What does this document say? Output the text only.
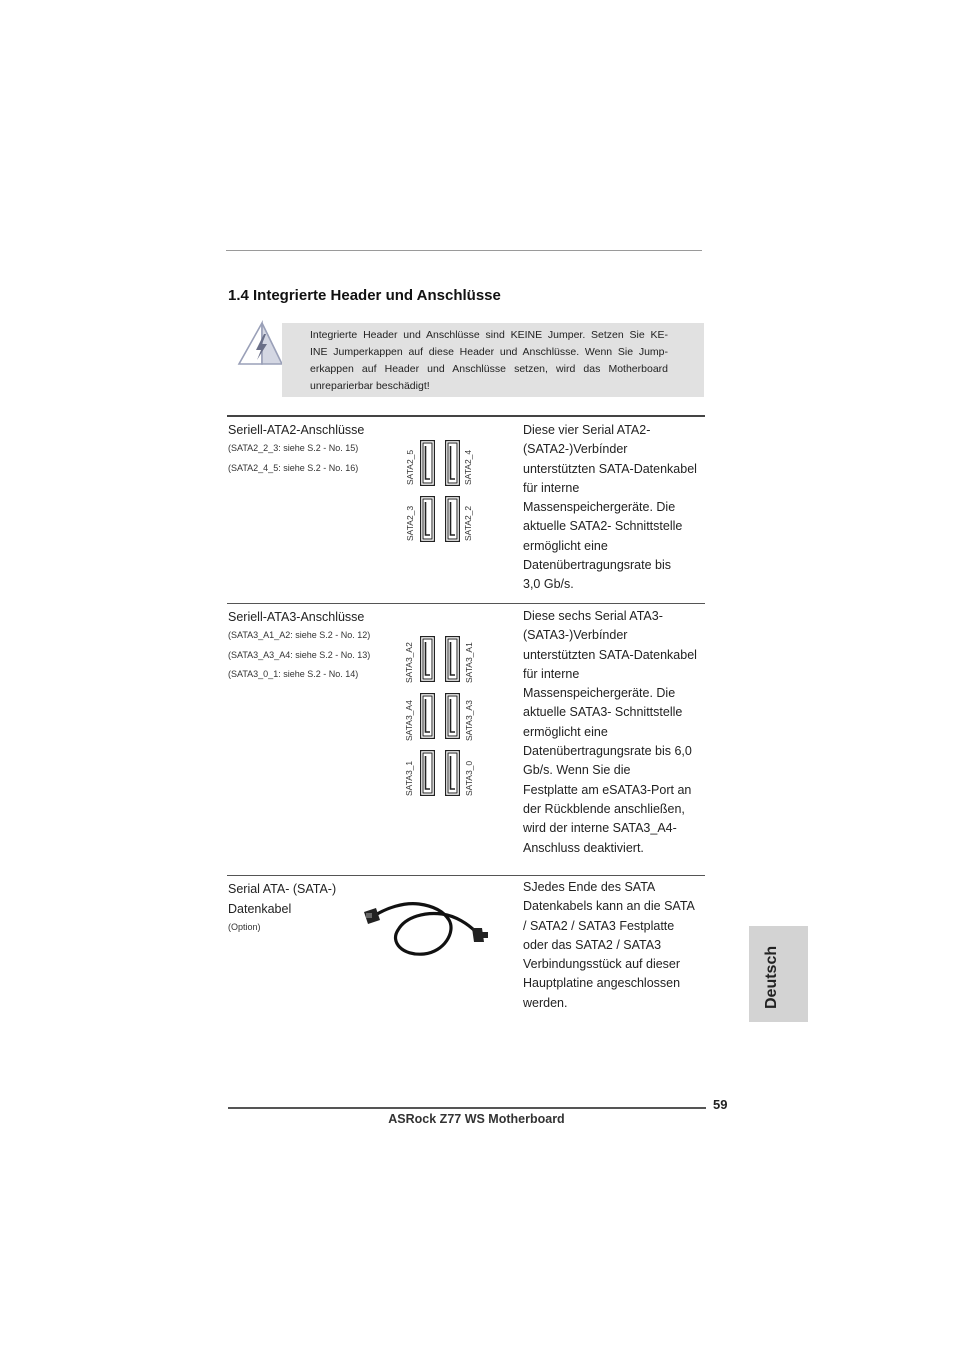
1.4 Integrierte Header und Anschlüsse
Integrierte Header und Anschlüsse sind KEINE Jumper. Setzen Sie KE-
INE Jumperkappen auf diese Header und Anschlüsse. Wenn Sie Jump-
erkappen auf Header und Anschlüsse setzen, wird das Motherboard
unreparierbar beschädigt!
Seriell-ATA2-Anschlüsse
(SATA2_2_3: siehe S.2 - No. 15)
(SATA2_4_5: siehe S.2 - No. 16)	SATA2_5	SATA2_4
SATA2_3	SATA2_2

Diese vier Serial ATA2-

(SATA2-)Verbínder

unterstützten SATA-Datenkabel

für interne

Massenspeichergeräte. Die

aktuelle SATA2- Schnittstelle

ermöglicht eine

Datenübertragungsrate bis

3,0 Gb/s.

Seriell-ATA3-Anschlüsse
(SATA3_A1_A2: siehe S.2 - No. 12)
(SATA3_A3_A4: siehe S.2 - No. 13)
(SATA3_0_1: siehe S.2 - No. 14)	SATA3_A2	SATA3_A1
SATA3_A4	SATA3_A3
SATA3_1	SATA3_0

Diese sechs Serial ATA3-

(SATA3-)Verbínder

unterstützten SATA-Datenkabel

für interne

Massenspeichergeräte. Die

aktuelle SATA3- Schnittstelle

ermöglicht eine

Datenübertragungsrate bis 6,0

Gb/s. Wenn Sie die

Festplatte am eSATA3-Port an

der Rückblende anschließen,

wird der interne SATA3_A4-

Anschluss deaktiviert.

Serial ATA- (SATA-)
Datenkabel
(Option)

SJedes Ende des SATA

Datenkabels kann an die SATA

/ SATA2 / SATA3 Festplatte

oder das SATA2 / SATA3

Verbindungsstück auf dieser

Hauptplatine angeschlossen

werden.	Deutsch
59
ASRock Z77 WS Motherboard
